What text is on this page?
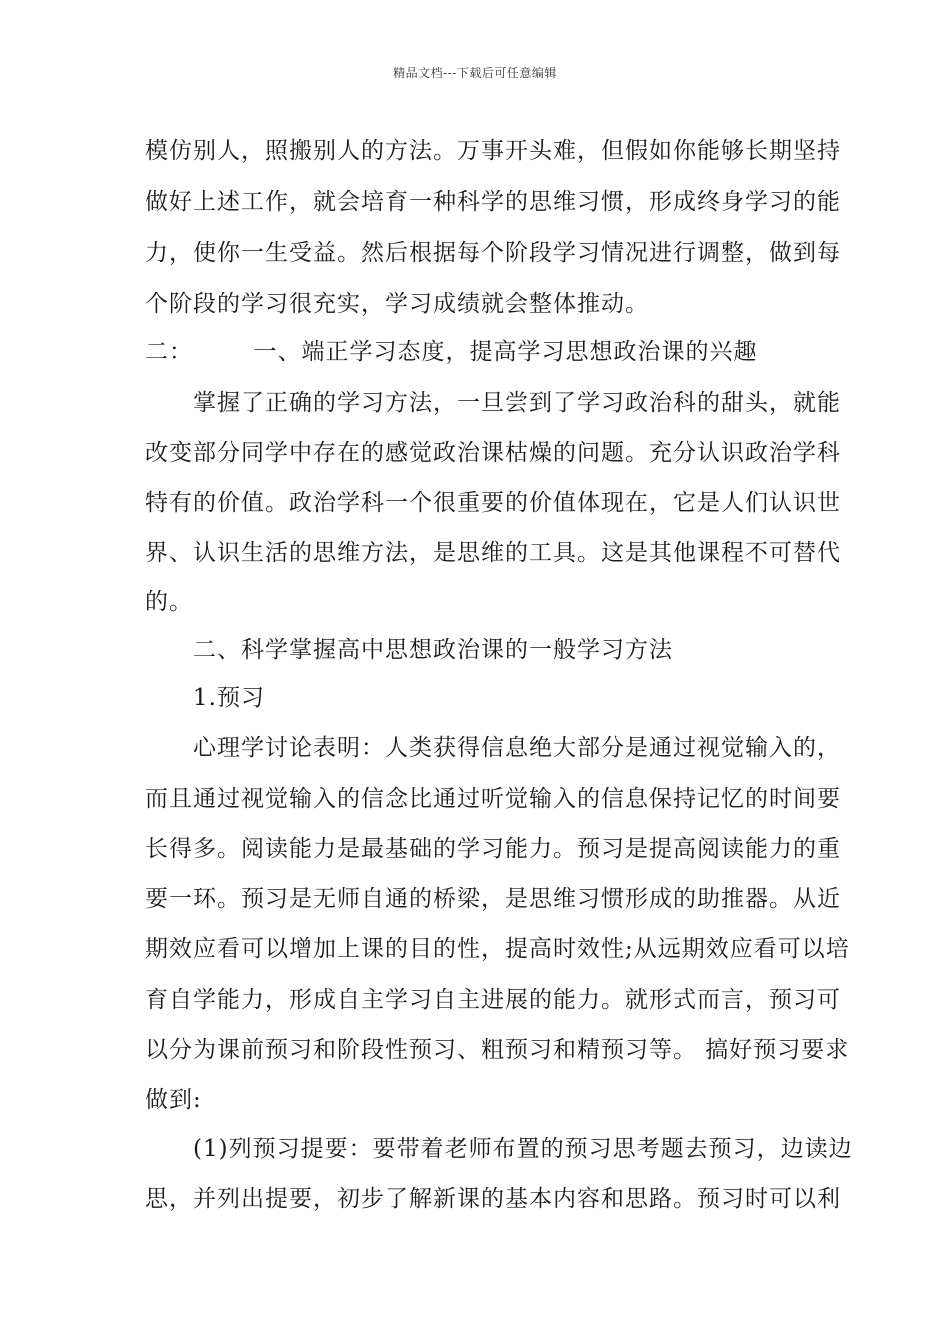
精品文档---下载后可任意编辑
模仿别人，照搬别人的方法。万事开头难，但假如你能够长期坚持
做好上述工作，就会培育一种科学的思维习惯，形成终身学习的能
力，使你一生受益。然后根据每个阶段学习情况进行调整，做到每
个阶段的学习很充实，学习成绩就会整体推动。
二：　　　一、端正学习态度，提高学习思想政治课的兴趣
　　掌握了正确的学习方法，一旦尝到了学习政治科的甜头，就能
改变部分同学中存在的感觉政治课枯燥的问题。充分认识政治学科
特有的价值。政治学科一个很重要的价值体现在，它是人们认识世
界、认识生活的思维方法，是思维的工具。这是其他课程不可替代
的。
　　二、科学掌握高中思想政治课的一般学习方法
　　1.预习
　　心理学讨论表明：人类获得信息绝大部分是通过视觉输入的，
而且通过视觉输入的信念比通过听觉输入的信息保持记忆的时间要
长得多。阅读能力是最基础的学习能力。预习是提高阅读能力的重
要一环。预习是无师自通的桥梁，是思维习惯形成的助推器。从近
期效应看可以增加上课的目的性，提高时效性;从远期效应看可以培
育自学能力，形成自主学习自主进展的能力。就形式而言，预习可
以分为课前预习和阶段性预习、粗预习和精预习等。 搞好预习要求
做到:
　　(1)列预习提要：要带着老师布置的预习思考题去预习，边读边
思，并列出提要，初步了解新课的基本内容和思路。预习时可以利
